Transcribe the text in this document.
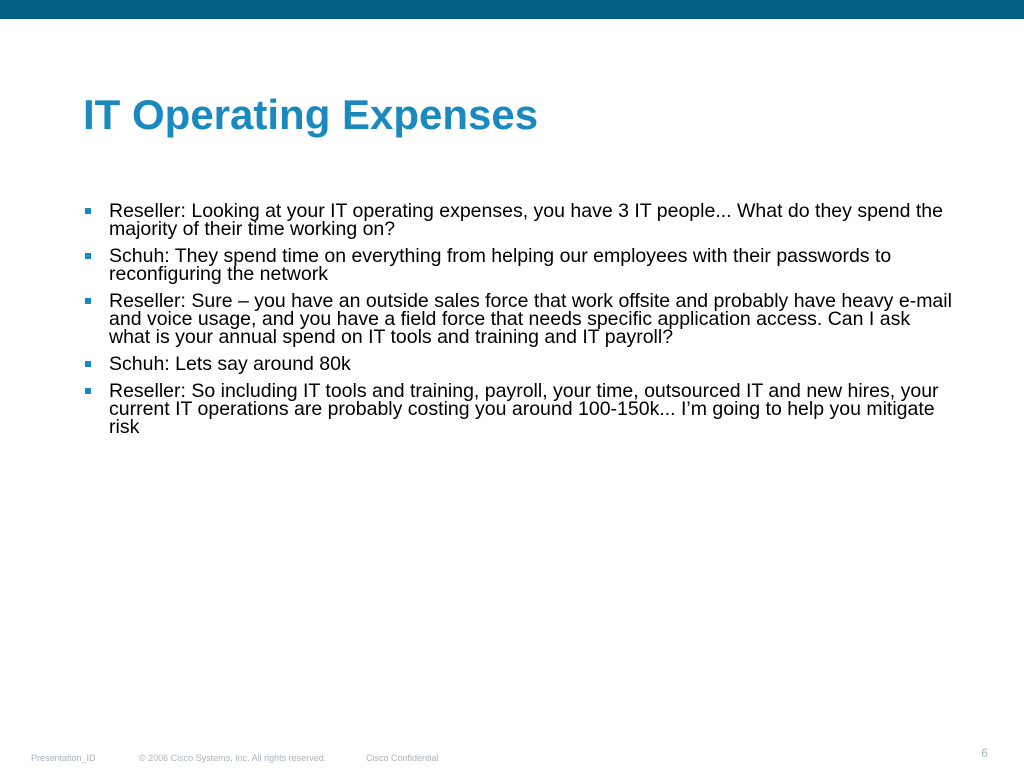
IT Operating Expenses
Reseller: Looking at your IT operating expenses, you have 3 IT people... What do they spend the majority of their time working on?
Schuh: They spend time on everything from helping our employees with their passwords to reconfiguring the network
Reseller: Sure – you have an outside sales force that work offsite and probably have heavy e-mail and voice usage, and you have a field force that needs specific application access. Can I ask what is your annual spend on IT tools and training and IT payroll?
Schuh: Lets say around 80k
Reseller: So including IT tools and training, payroll, your time, outsourced IT and new hires, your current IT operations are probably costing you around 100-150k... I’m going to help you mitigate risk
Presentation_ID	© 2006 Cisco Systems, Inc. All rights reserved.	Cisco Confidential	6
